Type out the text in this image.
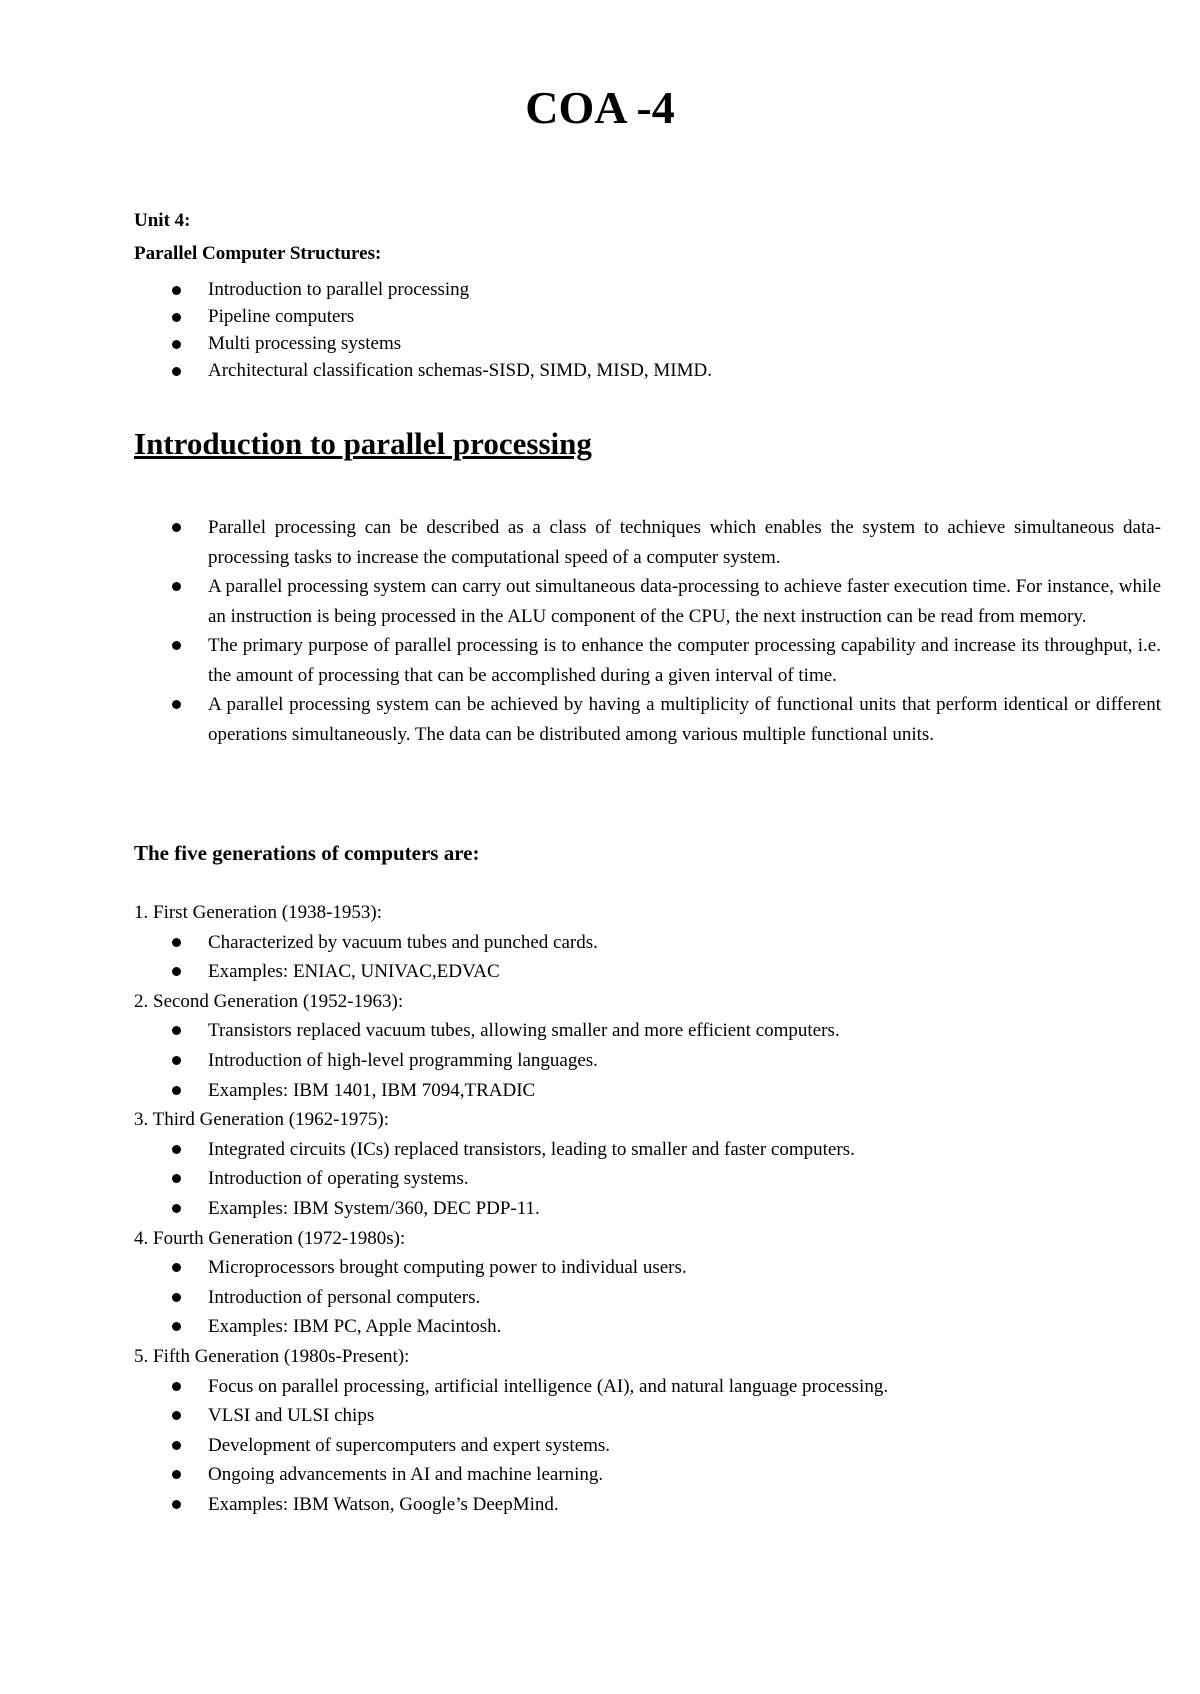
COA -4

Unit 4:

Parallel Computer Structures:

Introduction to parallel processing
Pipeline computers
Multi processing systems
Architectural classification schemas-SISD, SIMD, MISD, MIMD.
Introduction to parallel processing
Parallel processing can be described as a class of techniques which enables the system to achieve simultaneous data-processing tasks to increase the computational speed of a computer system.
A parallel processing system can carry out simultaneous data-processing to achieve faster execution time. For instance, while an instruction is being processed in the ALU component of the CPU, the next instruction can be read from memory.
The primary purpose of parallel processing is to enhance the computer processing capability and increase its throughput, i.e. the amount of processing that can be accomplished during a given interval of time.
A parallel processing system can be achieved by having a multiplicity of functional units that perform identical or different operations simultaneously. The data can be distributed among various multiple functional units.
The five generations of computers are:

1. First Generation (1938-1953):

Characterized by vacuum tubes and punched cards.
Examples: ENIAC, UNIVAC,EDVAC

2. Second Generation (1952-1963):

Transistors replaced vacuum tubes, allowing smaller and more efficient computers.
Introduction of high-level programming languages.
Examples: IBM 1401, IBM 7094,TRADIC

3. Third Generation (1962-1975):

Integrated circuits (ICs) replaced transistors, leading to smaller and faster computers.
Introduction of operating systems.
Examples: IBM System/360, DEC PDP-11.

4. Fourth Generation (1972-1980s):

Microprocessors brought computing power to individual users.
Introduction of personal computers.
Examples: IBM PC, Apple Macintosh.

5. Fifth Generation (1980s-Present):

Focus on parallel processing, artificial intelligence (AI), and natural language processing.
VLSI and ULSI chips
Development of supercomputers and expert systems.
Ongoing advancements in AI and machine learning.
Examples: IBM Watson, Google’s DeepMind.
